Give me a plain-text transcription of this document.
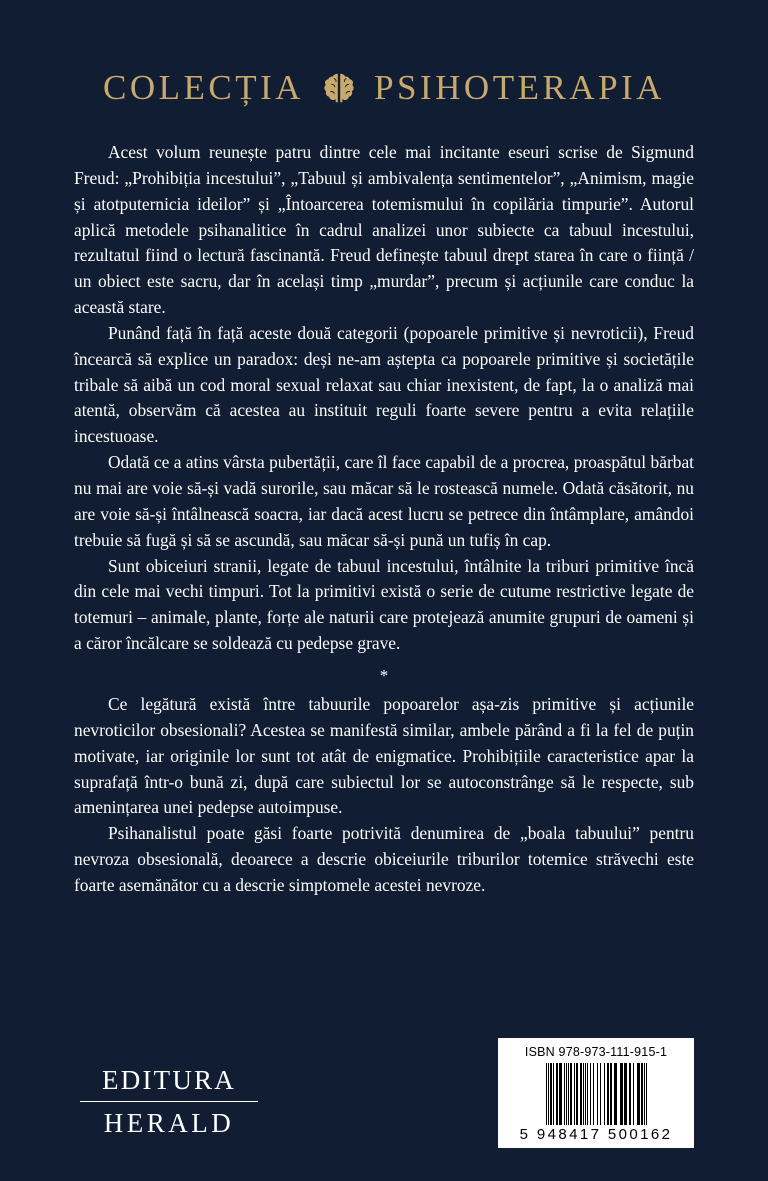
COLECȚIA PSIHOTERAPIA

Acest volum reunește patru dintre cele mai incitante eseuri scrise de Sigmund Freud: „Prohibiția incestului”, „Tabuul și ambivalența sentimentelor”, „Animism, magie și atotputernicia ideilor” și „Întoarcerea totemismului în copilăria timpurie”. Autorul aplică metodele psihanalitice în cadrul analizei unor subiecte ca tabuul incestului, rezultatul fiind o lectură fascinantă. Freud definește tabuul drept starea în care o ființă / un obiect este sacru, dar în același timp „murdar”, precum și acțiunile care conduc la această stare.

Punând față în față aceste două categorii (popoarele primitive și nevroticii), Freud încearcă să explice un paradox: deși ne-am aștepta ca popoarele primitive și societățile tribale să aibă un cod moral sexual relaxat sau chiar inexistent, de fapt, la o analiză mai atentă, observăm că acestea au instituit reguli foarte severe pentru a evita relațiile incestuoase.

Odată ce a atins vârsta pubertății, care îl face capabil de a procrea, proaspătul bărbat nu mai are voie să-și vadă surorile, sau măcar să le rostească numele. Odată căsătorit, nu are voie să-și întâlnească soacra, iar dacă acest lucru se petrece din întâmplare, amândoi trebuie să fugă și să se ascundă, sau măcar să-și pună un tufiș în cap.

Sunt obiceiuri stranii, legate de tabuul incestului, întâlnite la triburi primitive încă din cele mai vechi timpuri. Tot la primitivi există o serie de cutume restrictive legate de totemuri – animale, plante, forțe ale naturii care protejează anumite grupuri de oameni și a căror încălcare se soldează cu pedepse grave.

*

Ce legătură există între tabuurile popoarelor așa-zis primitive și acțiunile nevroticilor obsesionali? Acestea se manifestă similar, ambele părând a fi la fel de puțin motivate, iar originile lor sunt tot atât de enigmatice. Prohibițiile caracteristice apar la suprafață într-o bună zi, după care subiectul lor se autoconstrânge să le respecte, sub amenințarea unei pedepse autoimpuse.

Psihanalistul poate găsi foarte potrivită denumirea de „boala tabuului” pentru nevroza obsesională, deoarece a descrie obiceiurile triburilor totemice străvechi este foarte asemănător cu a descrie simptomele acestei nevroze.

EDITURA
HERALD
ISBN 978-973-111-915-1
5 948417 500162
